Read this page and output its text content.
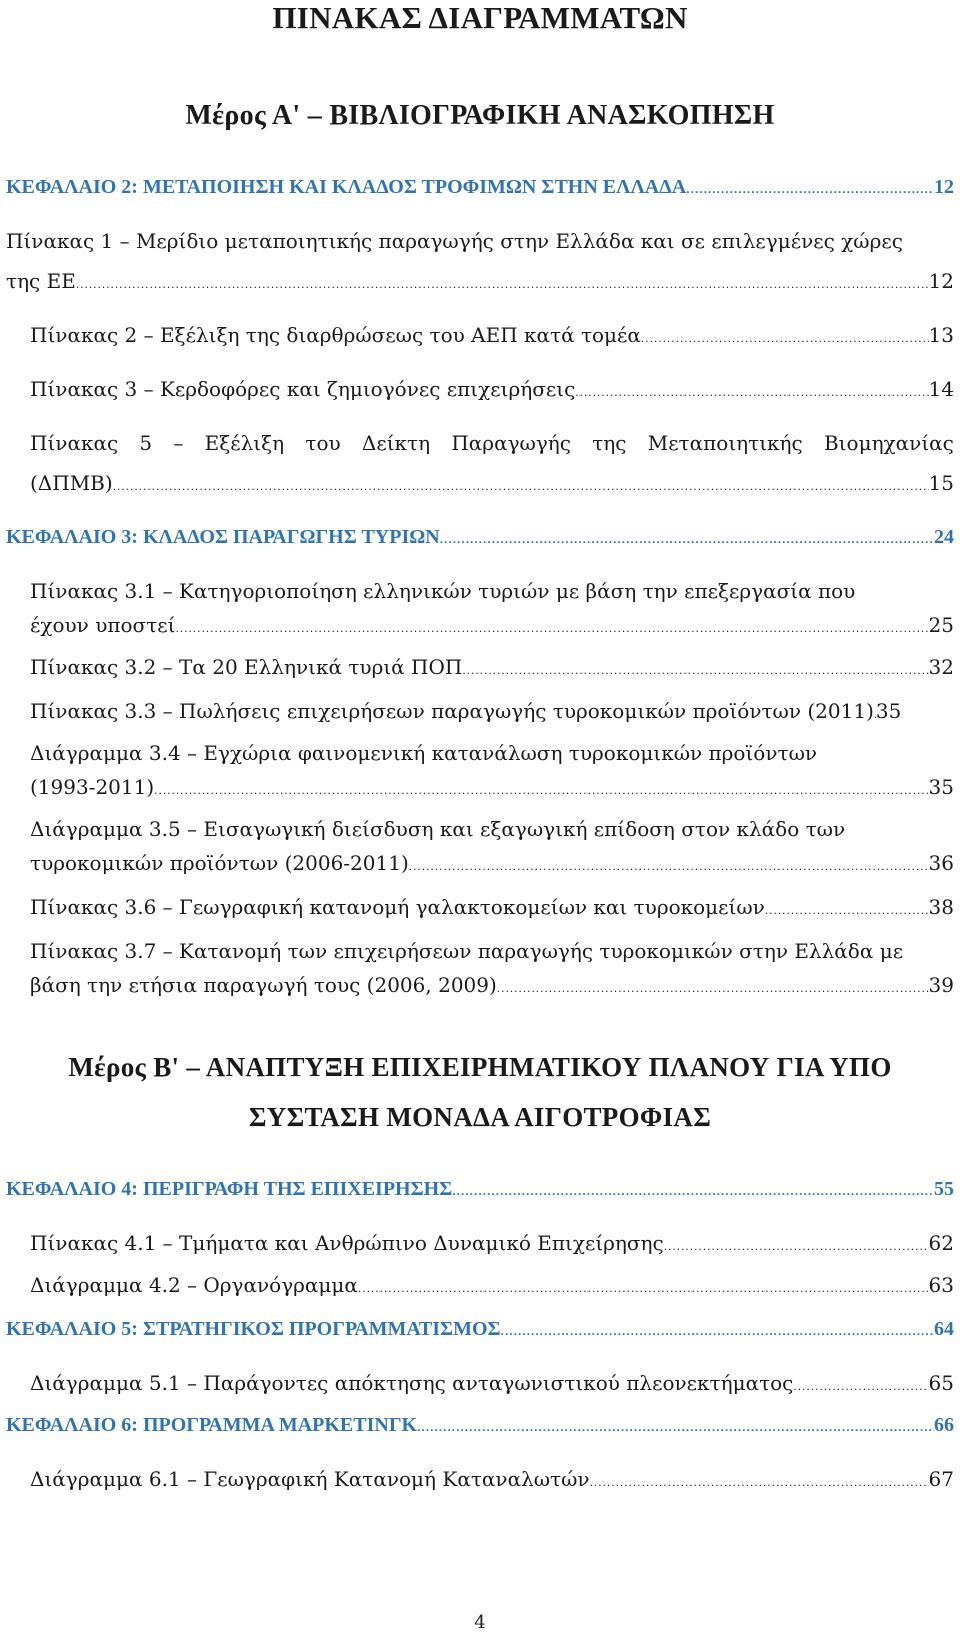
ΠΙΝΑΚΑΣ ΔΙΑΓΡΑΜΜΑΤΩΝ
Μέρος Α' – ΒΙΒΛΙΟΓΡΑΦΙΚΗ ΑΝΑΣΚΟΠΗΣΗ
ΚΕΦΑΛΑΙΟ 2: ΜΕΤΑΠΟΙΗΣΗ ΚΑΙ ΚΛΑΔΟΣ ΤΡΟΦΙΜΩΝ ΣΤΗΝ ΕΛΛΑΔΑ .....	12
Πίνακας 1 – Μερίδιο μεταποιητικής παραγωγής στην Ελλάδα και σε επιλεγμένες χώρες
της ΕΕ .....	12
Πίνακας 2 – Εξέλιξη της διαρθρώσεως του ΑΕΠ κατά τομέα .....	13
Πίνακας 3 – Κερδοφόρες και ζημιογόνες επιχειρήσεις .....	14
Πίνακας 5 – Εξέλιξη του Δείκτη Παραγωγής της Μεταποιητικής Βιομηχανίας
(ΔΠΜΒ) .....	15
ΚΕΦΑΛΑΙΟ 3: ΚΛΑΔΟΣ ΠΑΡΑΓΩΓΗΣ ΤΥΡΙΩΝ .....	24
Πίνακας 3.1 – Κατηγοριοποίηση ελληνικών τυριών με βάση την επεξεργασία που
έχουν υποστεί .....	25
Πίνακας 3.2 – Τα 20 Ελληνικά τυριά ΠΟΠ .....	32
Πίνακας 3.3 – Πωλήσεις επιχειρήσεων παραγωγής τυροκομικών προϊόντων (2011) ..... 35
Διάγραμμα 3.4 – Εγχώρια φαινομενική κατανάλωση τυροκομικών προϊόντων
(1993-2011) .....	35
Διάγραμμα 3.5 – Εισαγωγική διείσδυση και εξαγωγική επίδοση στον κλάδο των
τυροκομικών προϊόντων (2006-2011) .....	36
Πίνακας 3.6 – Γεωγραφική κατανομή γαλακτοκομείων και τυροκομείων .....	38
Πίνακας 3.7 – Κατανομή των επιχειρήσεων παραγωγής τυροκομικών στην Ελλάδα με
βάση την ετήσια παραγωγή τους (2006, 2009) .....	39
Μέρος Β' – ΑΝΑΠΤΥΞΗ ΕΠΙΧΕΙΡΗΜΑΤΙΚΟΥ ΠΛΑΝΟΥ ΓΙΑ ΥΠΟ
ΣΥΣΤΑΣΗ ΜΟΝΑΔΑ ΑΙΓΟΤΡΟΦΙΑΣ
ΚΕΦΑΛΑΙΟ 4: ΠΕΡΙΓΡΑΦΗ ΤΗΣ ΕΠΙΧΕΙΡΗΣΗΣ .....	55
Πίνακας 4.1 – Τμήματα και Ανθρώπινο Δυναμικό Επιχείρησης .....	62
Διάγραμμα 4.2 – Οργανόγραμμα .....	63
ΚΕΦΑΛΑΙΟ 5: ΣΤΡΑΤΗΓΙΚΟΣ ΠΡΟΓΡΑΜΜΑΤΙΣΜΟΣ .....	64
Διάγραμμα 5.1 – Παράγοντες απόκτησης ανταγωνιστικού πλεονεκτήματος .....	65
ΚΕΦΑΛΑΙΟ 6: ΠΡΟΓΡΑΜΜΑ ΜΑΡΚΕΤΙΝΓΚ .....	66
Διάγραμμα 6.1 – Γεωγραφική Κατανομή Καταναλωτών .....	67
4
